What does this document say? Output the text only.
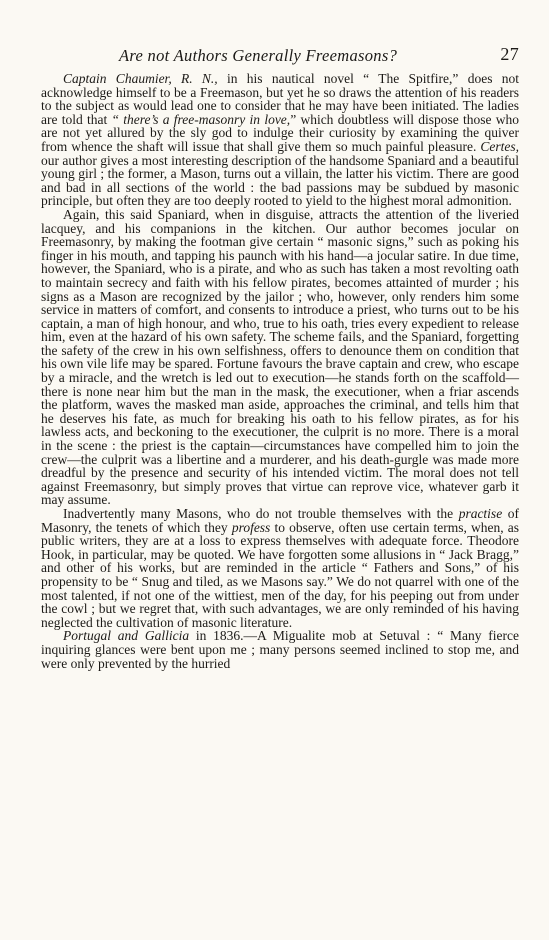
Are not Authors Generally Freemasons?	27

Captain Chaumier, R. N., in his nautical novel “ The Spitfire,” does not acknowledge himself to be a Freemason, but yet he so draws the attention of his readers to the subject as would lead one to consider that he may have been initiated. The ladies are told that “ there’s a free-masonry in love,” which doubtless will dispose those who are not yet allured by the sly god to indulge their curiosity by examining the quiver from whence the shaft will issue that shall give them so much painful pleasure. Certes, our author gives a most interesting description of the handsome Spaniard and a beautiful young girl ; the former, a Mason, turns out a villain, the latter his victim. There are good and bad in all sections of the world : the bad passions may be subdued by masonic principle, but often they are too deeply rooted to yield to the highest moral admonition.

Again, this said Spaniard, when in disguise, attracts the attention of the liveried lacquey, and his companions in the kitchen. Our author becomes jocular on Freemasonry, by making the footman give certain “ masonic signs,” such as poking his finger in his mouth, and tapping his paunch with his hand—a jocular satire. In due time, however, the Spaniard, who is a pirate, and who as such has taken a most revolting oath to maintain secrecy and faith with his fellow pirates, becomes attainted of murder ; his signs as a Mason are recognized by the jailor ; who, however, only renders him some service in matters of comfort, and consents to introduce a priest, who turns out to be his captain, a man of high honour, and who, true to his oath, tries every expedient to release him, even at the hazard of his own safety. The scheme fails, and the Spaniard, forgetting the safety of the crew in his own selfishness, offers to denounce them on condition that his own vile life may be spared. Fortune favours the brave captain and crew, who escape by a miracle, and the wretch is led out to execution—he stands forth on the scaffold—there is none near him but the man in the mask, the executioner, when a friar ascends the platform, waves the masked man aside, approaches the criminal, and tells him that he deserves his fate, as much for breaking his oath to his fellow pirates, as for his lawless acts, and beckoning to the executioner, the culprit is no more. There is a moral in the scene : the priest is the captain—circumstances have compelled him to join the crew—the culprit was a libertine and a murderer, and his death-gurgle was made more dreadful by the presence and security of his intended victim. The moral does not tell against Freemasonry, but simply proves that virtue can reprove vice, whatever garb it may assume.

Inadvertently many Masons, who do not trouble themselves with the practise of Masonry, the tenets of which they profess to observe, often use certain terms, when, as public writers, they are at a loss to express themselves with adequate force. Theodore Hook, in particular, may be quoted. We have forgotten some allusions in “ Jack Bragg,” and other of his works, but are reminded in the article “ Fathers and Sons,” of his propensity to be “ Snug and tiled, as we Masons say.” We do not quarrel with one of the most talented, if not one of the wittiest, men of the day, for his peeping out from under the cowl ; but we regret that, with such advantages, we are only reminded of his having neglected the cultivation of masonic literature.

Portugal and Gallicia in 1836.—A Migualite mob at Setuval : “ Many fierce inquiring glances were bent upon me ; many persons seemed inclined to stop me, and were only prevented by the hurried
